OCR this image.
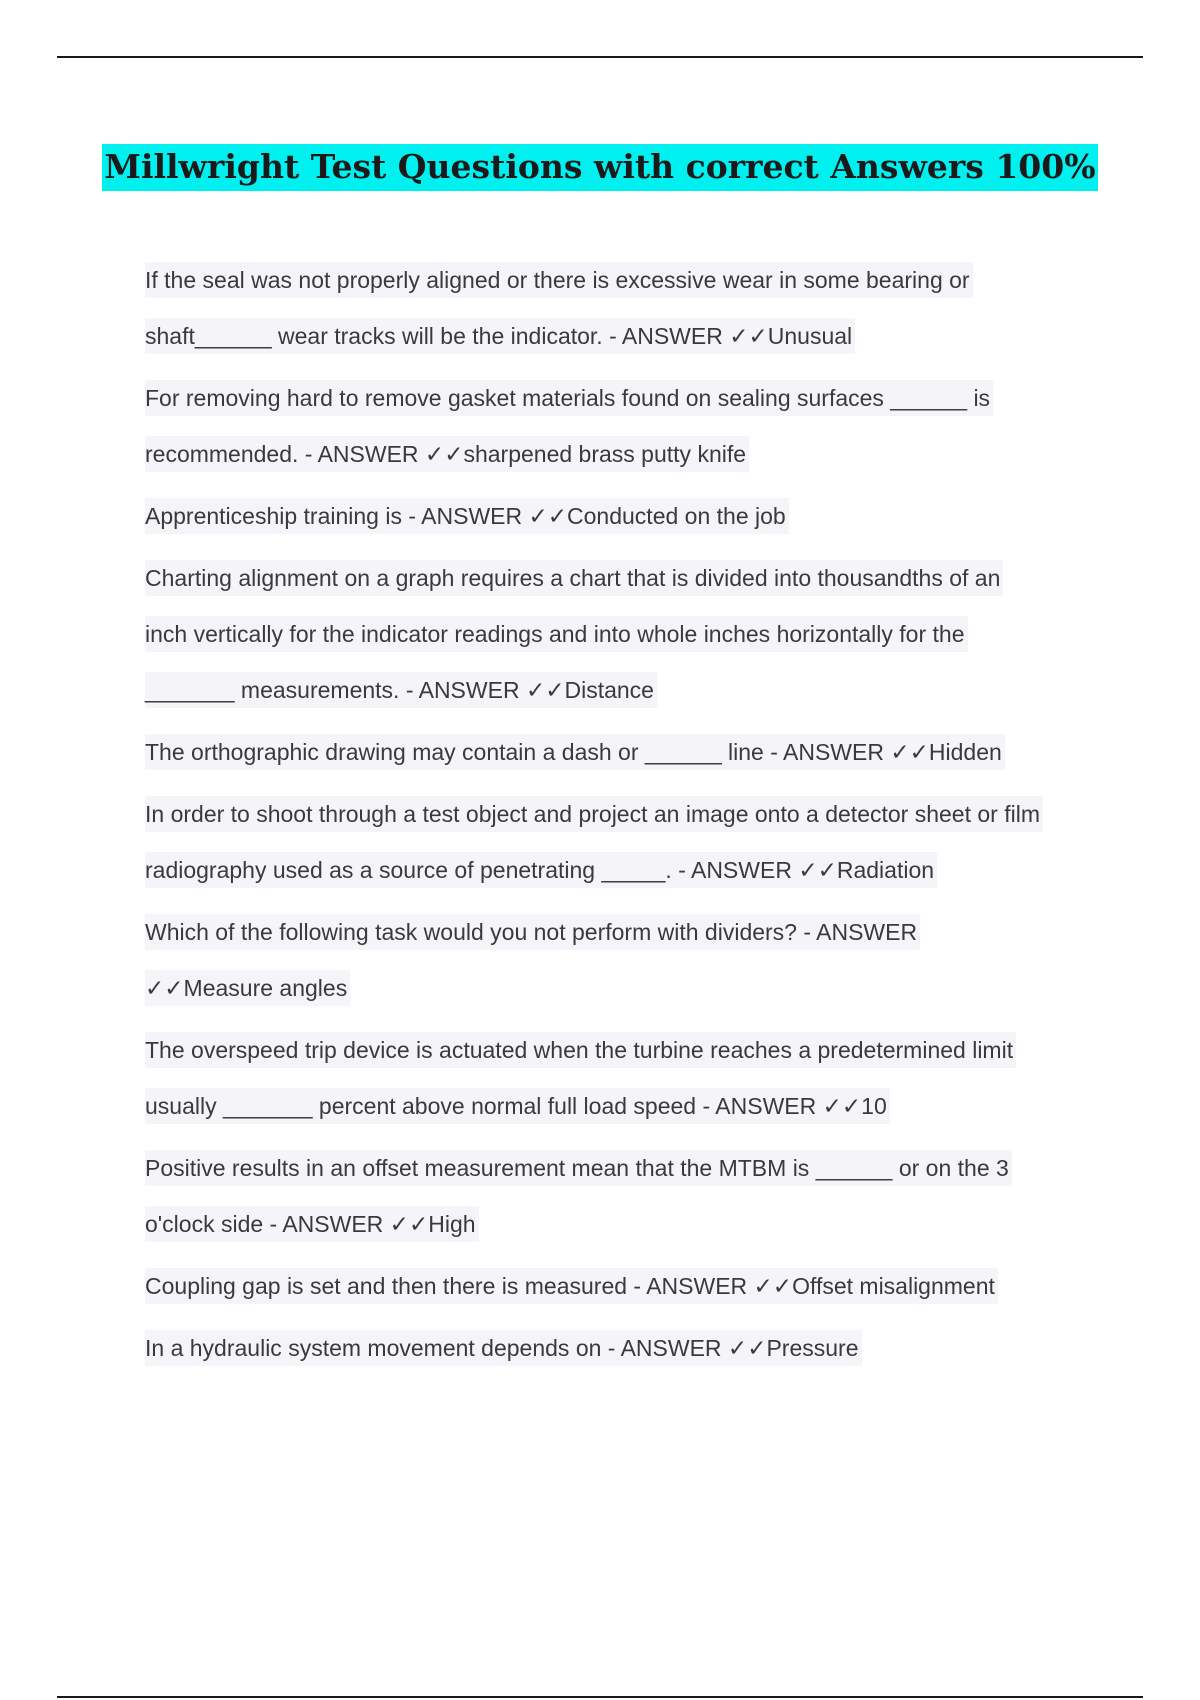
Millwright Test Questions with correct Answers 100%
If the seal was not properly aligned or there is excessive wear in some bearing orshaft______ wear tracks will be the indicator. - ANSWER ✓✓Unusual
For removing hard to remove gasket materials found on sealing surfaces ______ isrecommended. - ANSWER ✓✓sharpened brass putty knife
Apprenticeship training is - ANSWER ✓✓Conducted on the job
Charting alignment on a graph requires a chart that is divided into thousandths of aninch vertically for the indicator readings and into whole inches horizontally for the_______ measurements. - ANSWER ✓✓Distance
The orthographic drawing may contain a dash or ______ line - ANSWER ✓✓Hidden
In order to shoot through a test object and project an image onto a detector sheet or filmradiography used as a source of penetrating _____. - ANSWER ✓✓Radiation
Which of the following task would you not perform with dividers? - ANSWER✓✓Measure angles
The overspeed trip device is actuated when the turbine reaches a predetermined limitusually _______ percent above normal full load speed - ANSWER ✓✓10
Positive results in an offset measurement mean that the MTBM is ______ or on the 3o'clock side - ANSWER ✓✓High
Coupling gap is set and then there is measured - ANSWER ✓✓Offset misalignment
In a hydraulic system movement depends on - ANSWER ✓✓Pressure
